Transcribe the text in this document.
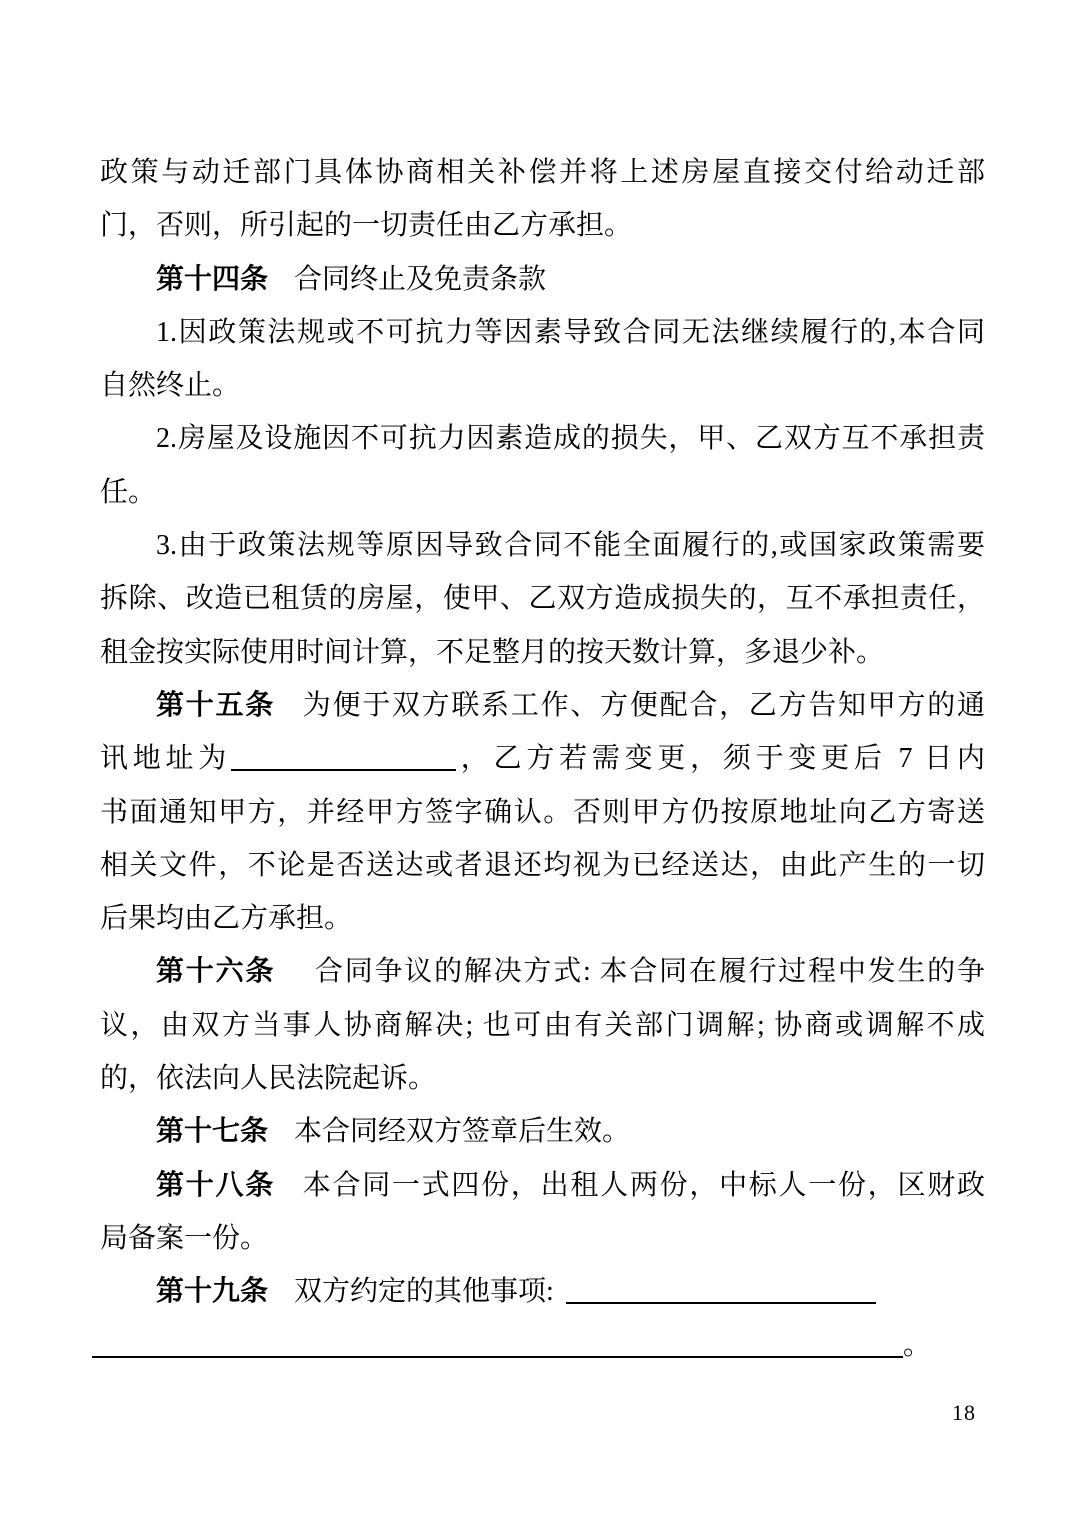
政策与动迁部门具体协商相关补偿并将上述房屋直接交付给动迁部
门，否则，所引起的一切责任由乙方承担。
第十四条 合同终止及免责条款
1.因政策法规或不可抗力等因素导致合同无法继续履行的,本合同
自然终止。
2.房屋及设施因不可抗力因素造成的损失，甲、乙双方互不承担责
任。
3.由于政策法规等原因导致合同不能全面履行的,或国家政策需要
拆除、改造已租赁的房屋，使甲、乙双方造成损失的，互不承担责任，
租金按实际使用时间计算，不足整月的按天数计算，多退少补。
第十五条 为便于双方联系工作、方便配合，乙方告知甲方的通
讯地址为	，乙方若需变更，须于变更后 7 日内
书面通知甲方，并经甲方签字确认。否则甲方仍按原地址向乙方寄送
相关文件，不论是否送达或者退还均视为已经送达，由此产生的一切
后果均由乙方承担。
第十六条 合同争议的解决方式: 本合同在履行过程中发生的争
议，由双方当事人协商解决; 也可由有关部门调解; 协商或调解不成
的，依法向人民法院起诉。
第十七条 本合同经双方签章后生效。
第十八条 本合同一式四份，出租人两份，中标人一份，区财政
局备案一份。
第十九条 双方约定的其他事项:
。
18
